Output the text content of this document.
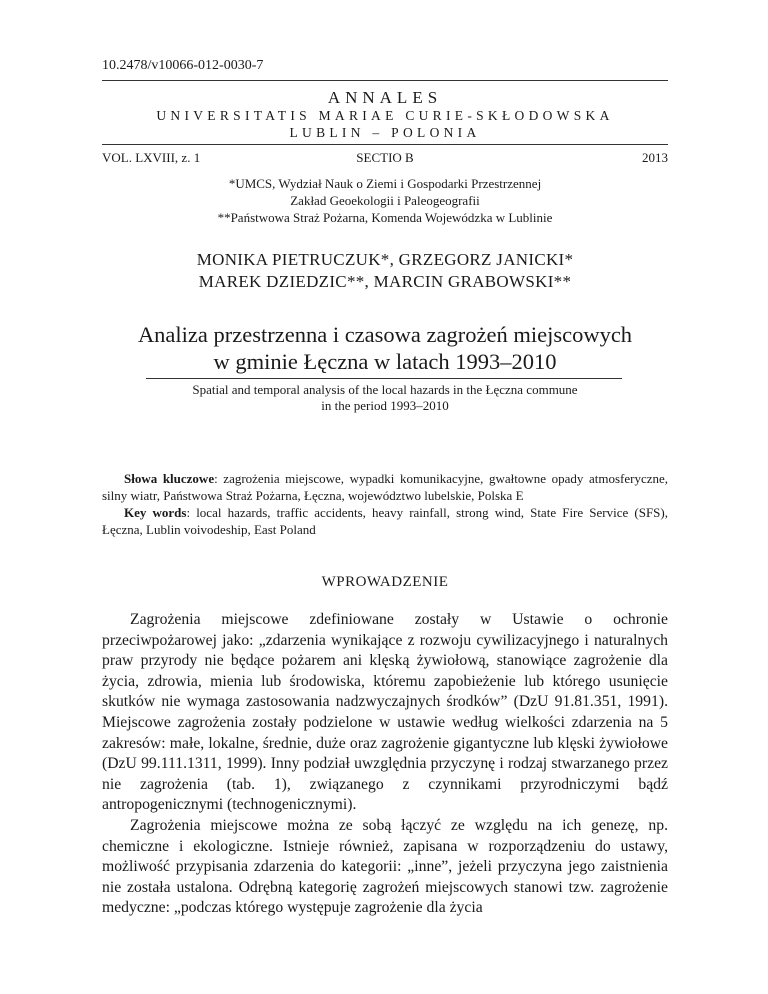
10.2478/v10066-012-0030-7
ANNALES
UNIVERSITATIS MARIAE CURIE-SKŁODOWSKA
LUBLIN – POLONIA
VOL. LXVIII, z. 1	SECTIO B	2013
*UMCS, Wydział Nauk o Ziemi i Gospodarki Przestrzennej
Zakład Geoekologii i Paleogeografii
**Państwowa Straż Pożarna, Komenda Wojewódzka w Lublinie
MONIKA PIETRUCZUK*, GRZEGORZ JANICKI*
MAREK DZIEDZIC**, MARCIN GRABOWSKI**
Analiza przestrzenna i czasowa zagrożeń miejscowych
w gminie Łęczna w latach 1993–2010
Spatial and temporal analysis of the local hazards in the Łęczna commune
in the period 1993–2010

Słowa kluczowe: zagrożenia miejscowe, wypadki komunikacyjne, gwałtowne opady atmosferyczne, silny wiatr, Państwowa Straż Pożarna, Łęczna, województwo lubelskie, Polska E

Key words: local hazards, traffic accidents, heavy rainfall, strong wind, State Fire Service (SFS), Łęczna, Lublin voivodeship, East Poland

WPROWADZENIE

Zagrożenia miejscowe zdefiniowane zostały w Ustawie o ochronie przeciwpożarowej jako: „zdarzenia wynikające z rozwoju cywilizacyjnego i naturalnych praw przyrody nie będące pożarem ani klęską żywiołową, stanowiące zagrożenie dla życia, zdrowia, mienia lub środowiska, któremu zapobieżenie lub którego usunięcie skutków nie wymaga zastosowania nadzwyczajnych środków” (DzU 91.81.351, 1991). Miejscowe zagrożenia zostały podzielone w ustawie według wielkości zdarzenia na 5 zakresów: małe, lokalne, średnie, duże oraz zagrożenie gigantyczne lub klęski żywiołowe (DzU 99.111.1311, 1999). Inny podział uwzględnia przyczynę i rodzaj stwarzanego przez nie zagrożenia (tab. 1), związanego z czynnikami przyrodniczymi bądź antropogenicznymi (technogenicznymi).

Zagrożenia miejscowe można ze sobą łączyć ze względu na ich genezę, np. chemiczne i ekologiczne. Istnieje również, zapisana w rozporządzeniu do ustawy, możliwość przypisania zdarzenia do kategorii: „inne”, jeżeli przyczyna jego zaistnienia nie została ustalona. Odrębną kategorię zagrożeń miejscowych stanowi tzw. zagrożenie medyczne: „podczas którego występuje zagrożenie dla życia
